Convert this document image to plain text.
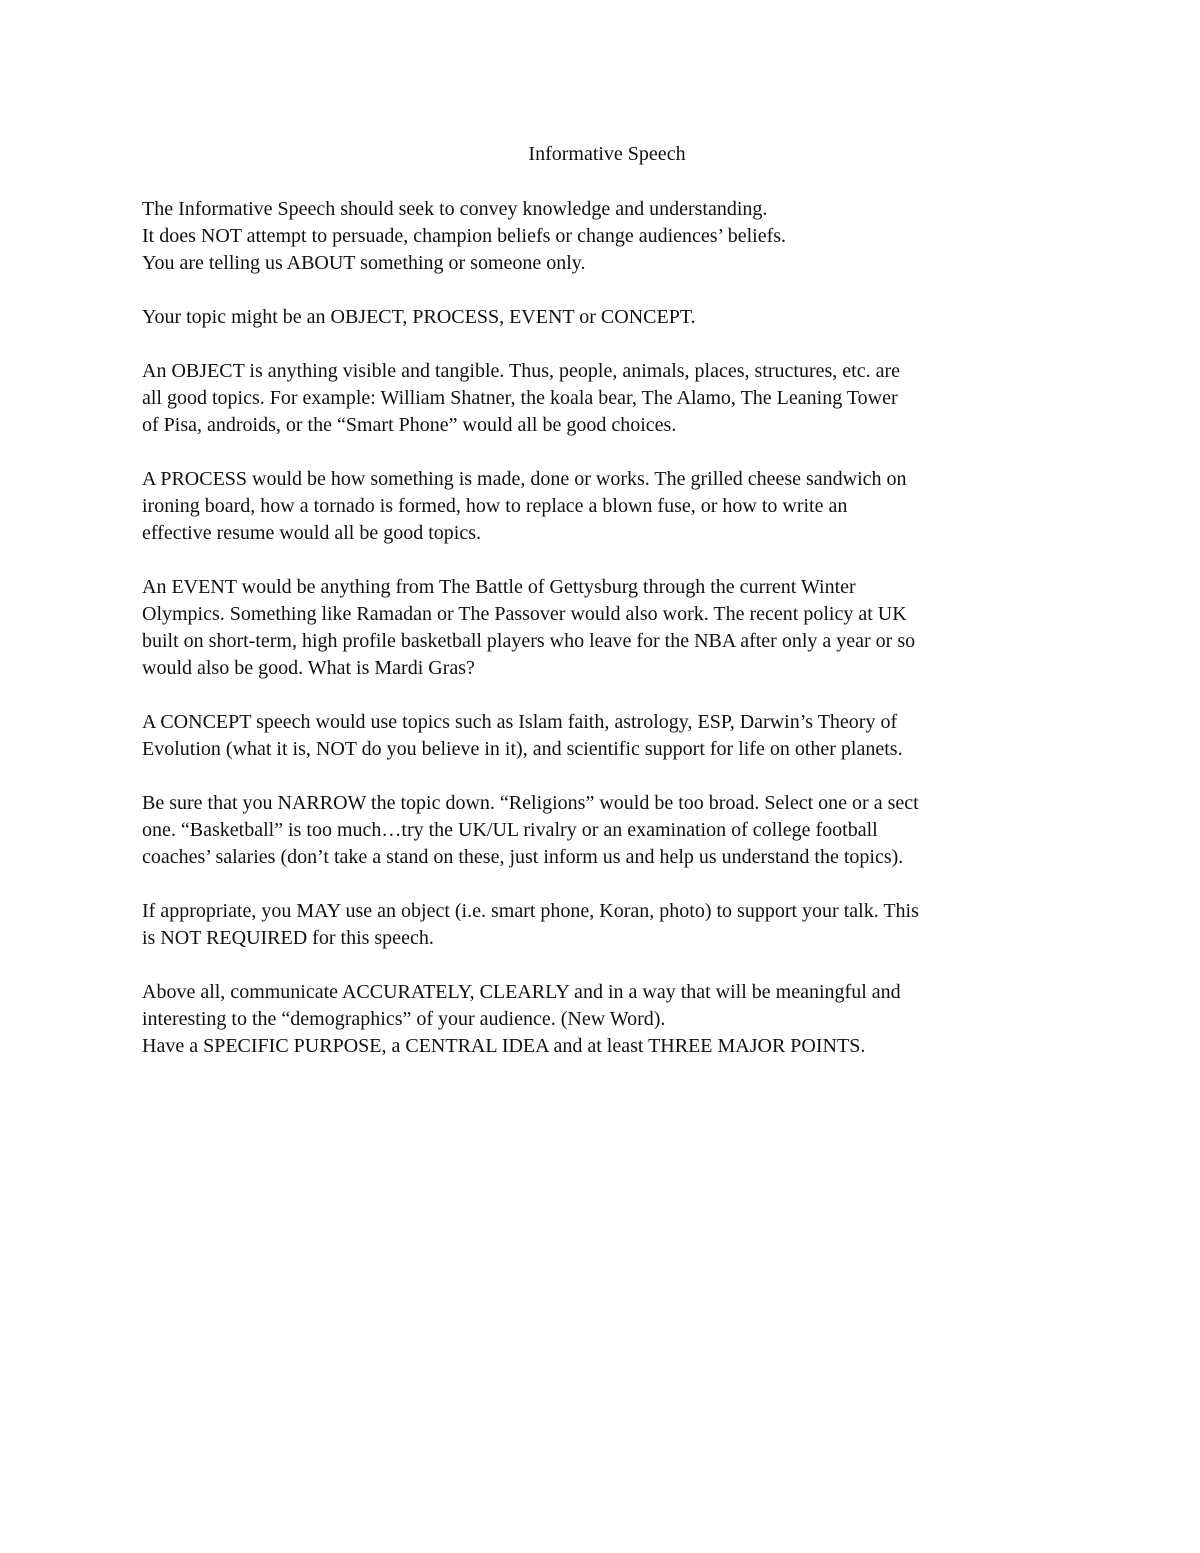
Informative Speech
The Informative Speech should seek to convey knowledge and understanding.
It does NOT attempt to persuade, champion beliefs or change audiences’ beliefs.
You are telling us ABOUT something or someone only.
Your topic might be an OBJECT, PROCESS, EVENT or CONCEPT.
An OBJECT is anything visible and tangible. Thus, people, animals, places, structures, etc. are
all good topics. For example: William Shatner, the koala bear, The Alamo, The Leaning Tower
of Pisa, androids, or the “Smart Phone” would all be good choices.
A PROCESS would be how something is made, done or works. The grilled cheese sandwich on
ironing board, how a tornado is formed, how to replace a blown fuse, or how to write an
effective resume would all be good topics.
An EVENT would be anything from The Battle of Gettysburg through the current Winter
Olympics. Something like Ramadan or The Passover would also work. The recent policy at UK
built on short-term, high profile basketball players who leave for the NBA after only a year or so
would also be good. What is Mardi Gras?
A CONCEPT speech would use topics such as Islam faith, astrology, ESP, Darwin’s Theory of
Evolution (what it is, NOT do you believe in it), and scientific support for life on other planets.
Be sure that you NARROW the topic down. “Religions” would be too broad. Select one or a sect
one. “Basketball” is too much…try the UK/UL rivalry or an examination of college football
coaches’ salaries (don’t take a stand on these, just inform us and help us understand the topics).
If appropriate, you MAY use an object (i.e. smart phone, Koran, photo) to support your talk. This
is NOT REQUIRED for this speech.
Above all, communicate ACCURATELY, CLEARLY and in a way that will be meaningful and
interesting to the “demographics” of your audience. (New Word).
Have a SPECIFIC PURPOSE, a CENTRAL IDEA and at least THREE MAJOR POINTS.
